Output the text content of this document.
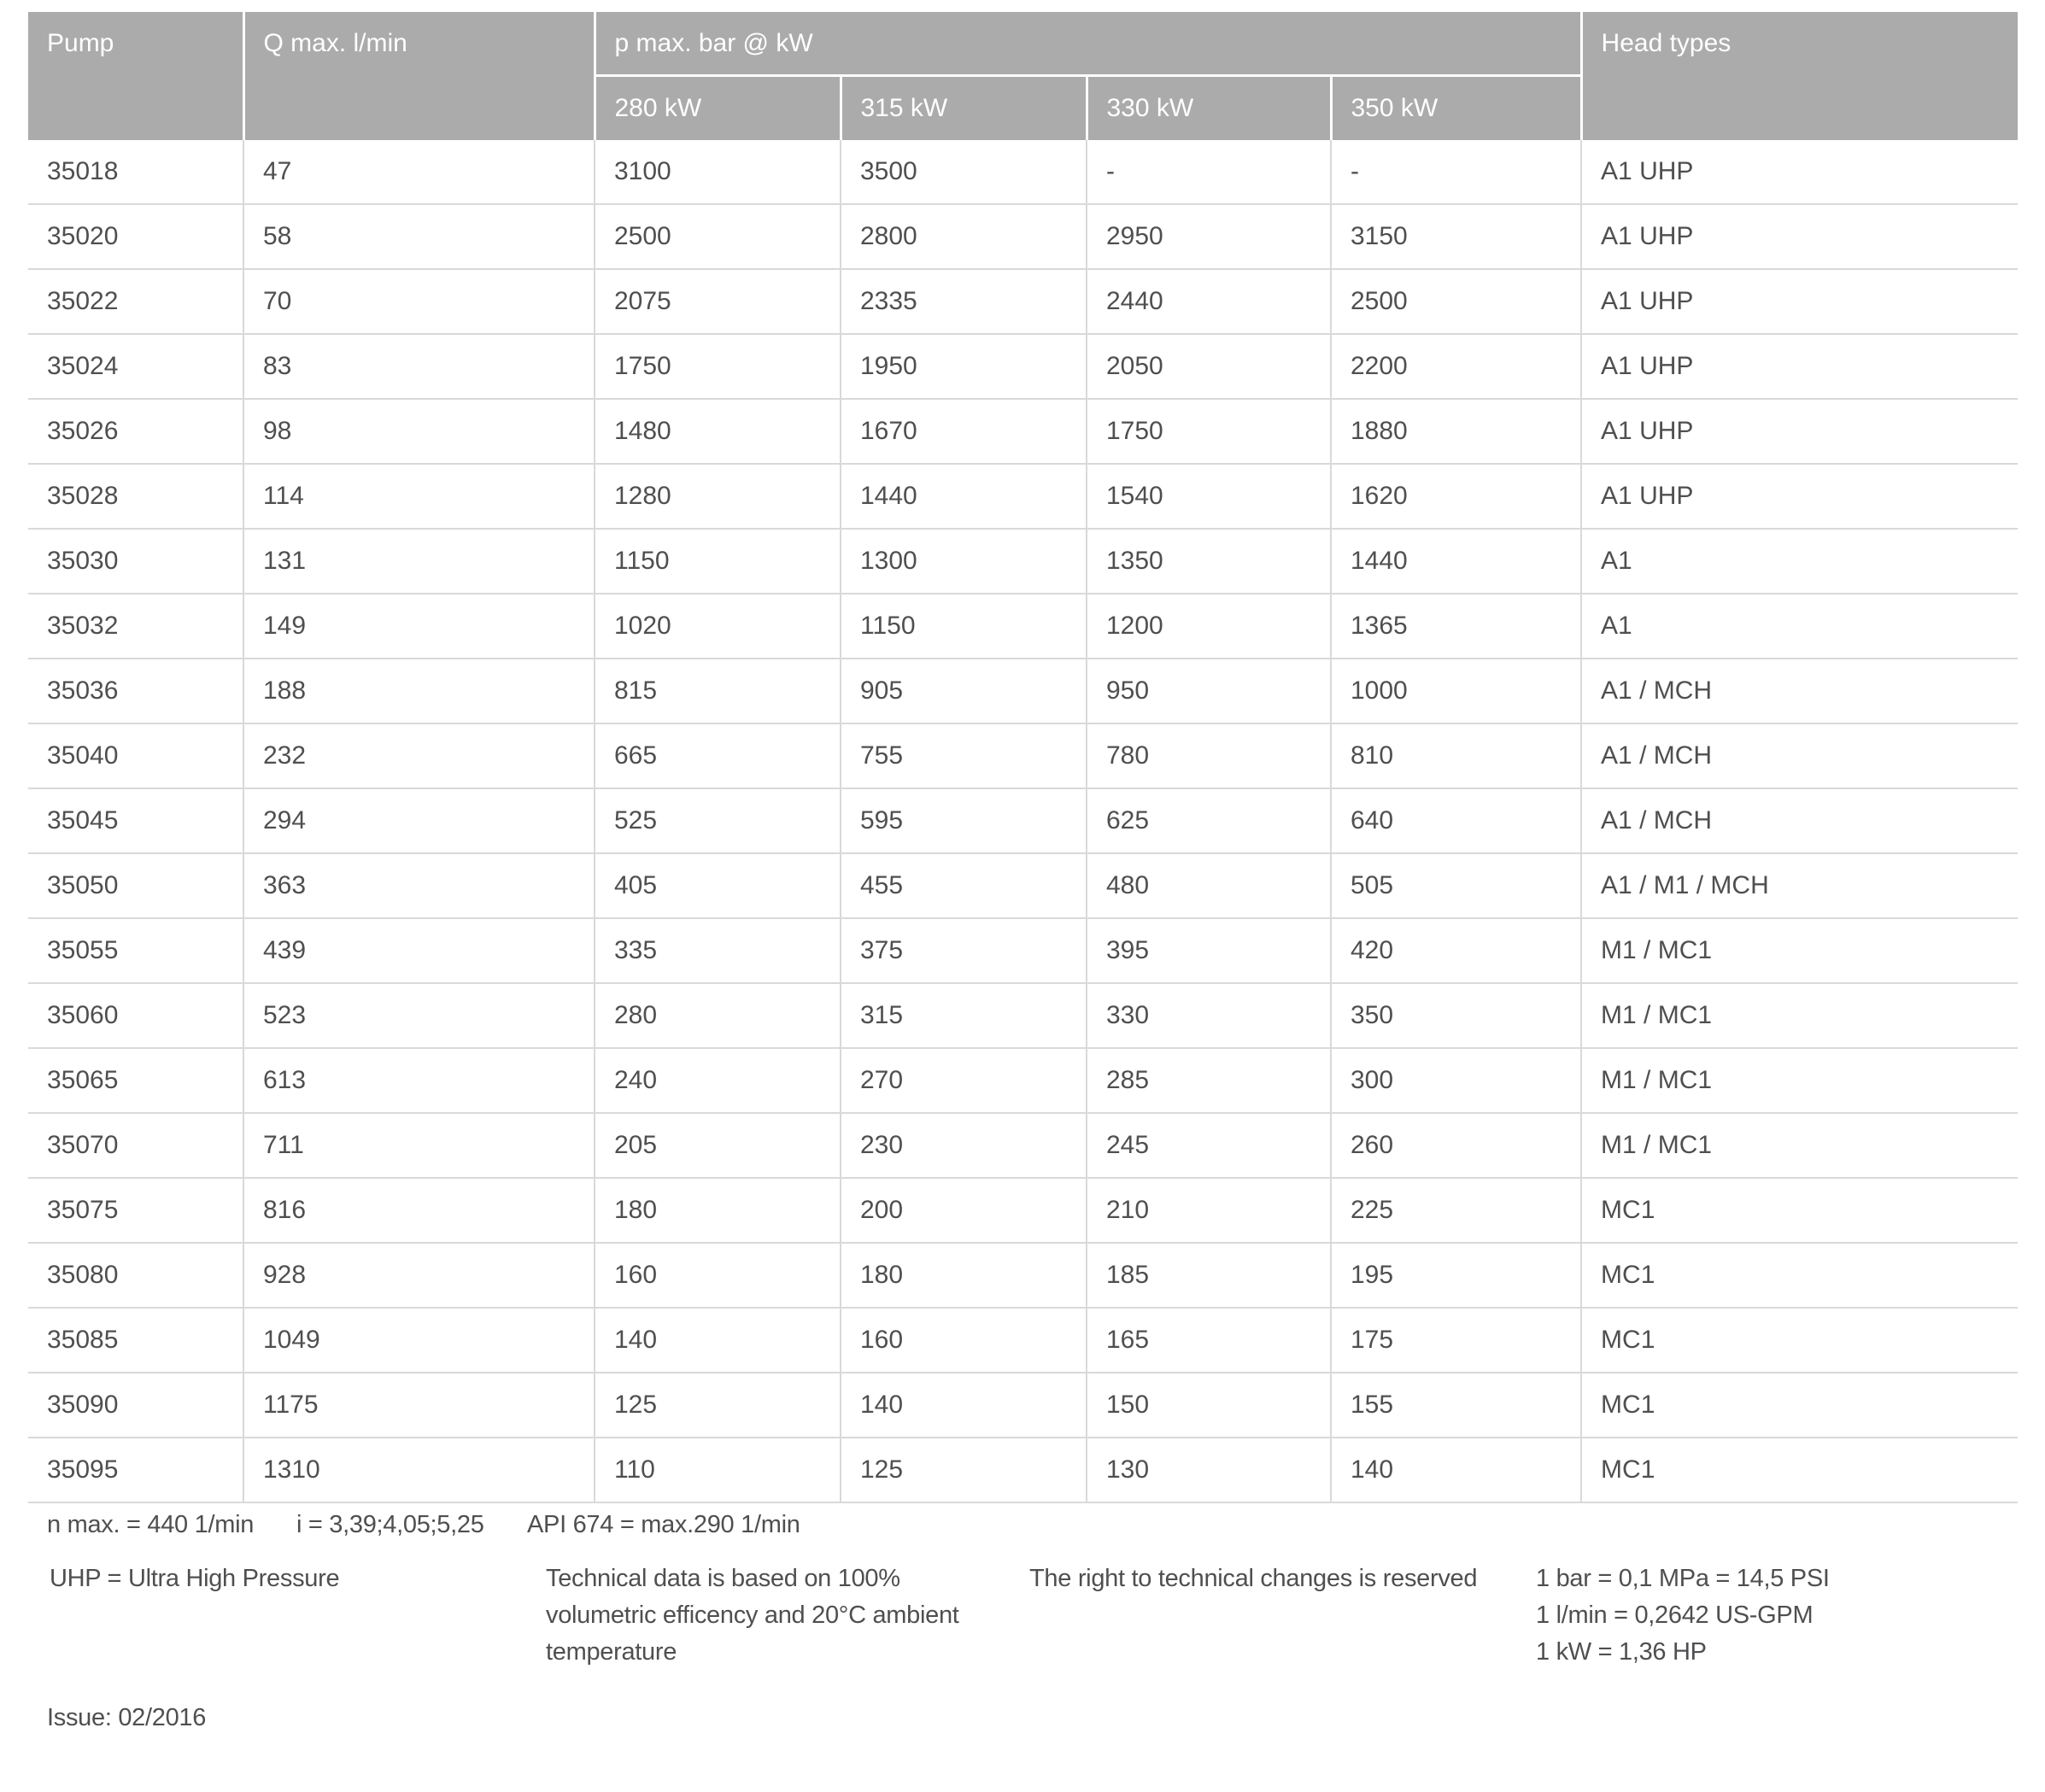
Pump	Q max. l/min	p max. bar @ kW				Head types
		280 kW	315 kW	330 kW	350 kW	
35018	47	3100	3500	-	-	A1 UHP
35020	58	2500	2800	2950	3150	A1 UHP
35022	70	2075	2335	2440	2500	A1 UHP
35024	83	1750	1950	2050	2200	A1 UHP
35026	98	1480	1670	1750	1880	A1 UHP
35028	114	1280	1440	1540	1620	A1 UHP
35030	131	1150	1300	1350	1440	A1
35032	149	1020	1150	1200	1365	A1
35036	188	815	905	950	1000	A1 / MCH
35040	232	665	755	780	810	A1 / MCH
35045	294	525	595	625	640	A1 / MCH
35050	363	405	455	480	505	A1 / M1 / MCH
35055	439	335	375	395	420	M1 / MC1
35060	523	280	315	330	350	M1 / MC1
35065	613	240	270	285	300	M1 / MC1
35070	711	205	230	245	260	M1 / MC1
35075	816	180	200	210	225	MC1
35080	928	160	180	185	195	MC1
35085	1049	140	160	165	175	MC1
35090	1175	125	140	150	155	MC1
35095	1310	110	125	130	140	MC1
n max. = 440 1/min i = 3,39;4,05;5,25 API 674 = max.290 1/min
UHP = Ultra High Pressure	Technical data is based on 100%
volumetric efficency and 20°C ambient
temperature
The right to technical changes is reserved 1 bar = 0,1 MPa = 14,5 PSI
1 l/min = 0,2642 US-GPM
1 kW = 1,36 HP
Issue: 02/2016
